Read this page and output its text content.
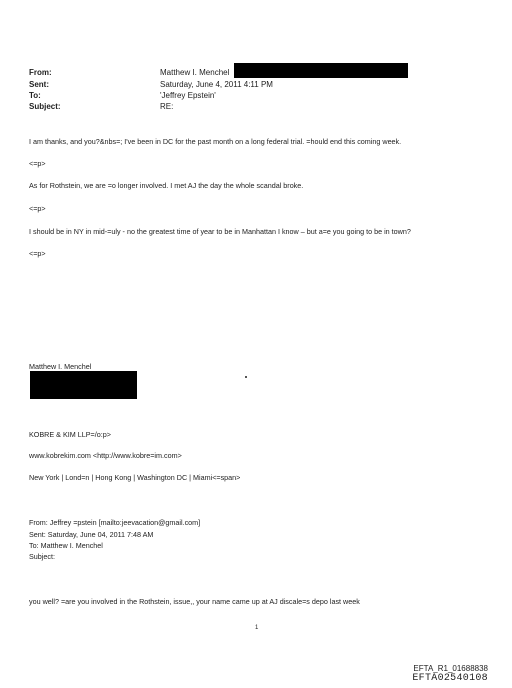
From:	Matthew I. Menchel
Sent:	Saturday, June 4, 2011 4:11 PM
To:	'Jeffrey Epstein'
Subject:	RE:
I am thanks, and you?&nbs=; I've been in DC for the past month on a long federal trial. =hould end this coming week.
<=p>
As for Rothstein, we are =o longer involved. I met AJ the day the whole scandal broke.
<=p>
I should be in NY in mid-=uly - no the greatest time of year to be in Manhattan I know – but a=e you going to be in town?
<=p>
Matthew I. Menchel
KOBRE & KIM LLP=/o:p>
www.kobrekim.com <http://www.kobre=im.com>
New York | Lond=n | Hong Kong | Washington DC | Miami<=span>
From: Jeffrey =pstein [mailto:jeevacation@gmail.com]
Sent: Saturday, June 04, 2011 7:48 AM
To: Matthew I. Menchel
Subject:
you well? =are you involved in the Rothstein, issue,, your name came up at AJ discale=s depo last week
1
EFTA_R1_01688838
EFTA02540108
